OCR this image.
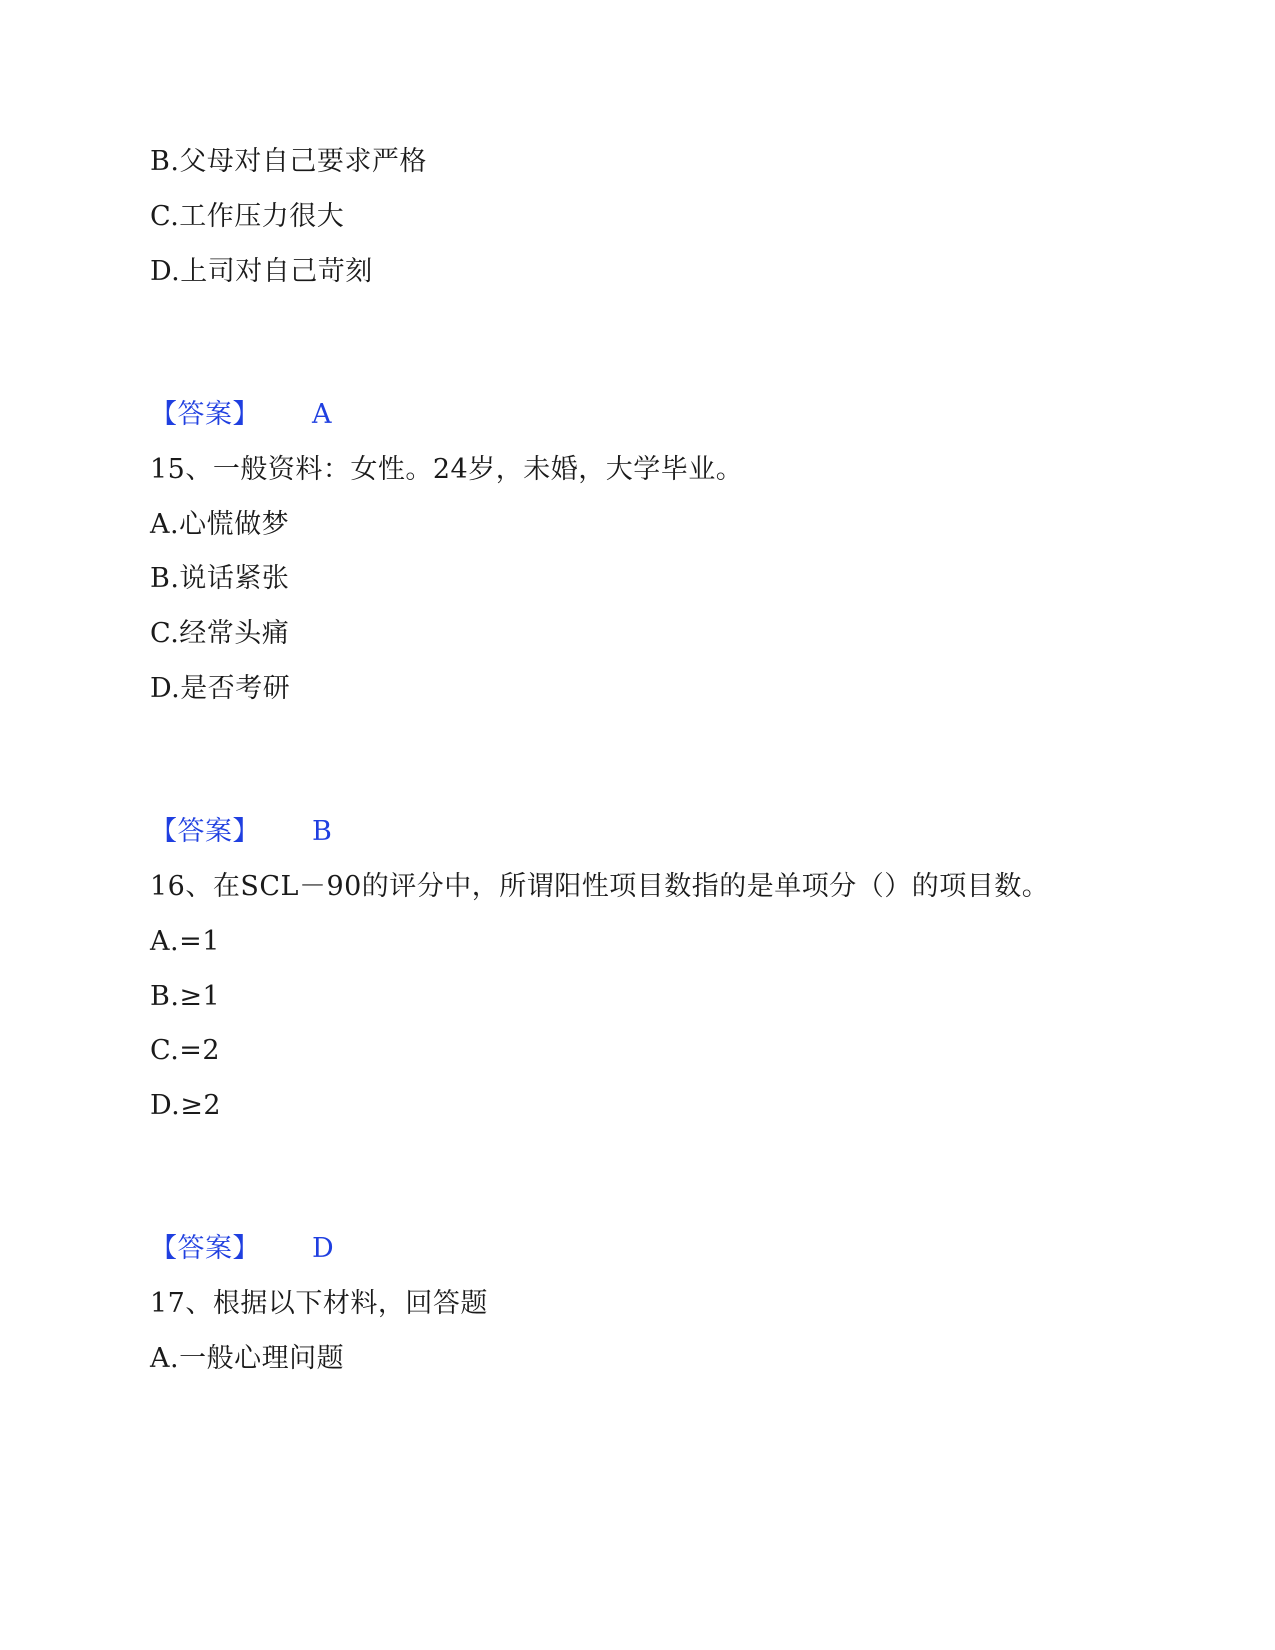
B.父母对自己要求严格
C.工作压力很大
D.上司对自己苛刻
【答案】 A
15、一般资料：女性。24岁，未婚，大学毕业。
A.心慌做梦
B.说话紧张
C.经常头痛
D.是否考研
【答案】 B
16、在SCL－90的评分中，所谓阳性项目数指的是单项分（）的项目数。
A.=1
B.≥1
C.=2
D.≥2
【答案】 D
17、根据以下材料，回答题
A.一般心理问题
